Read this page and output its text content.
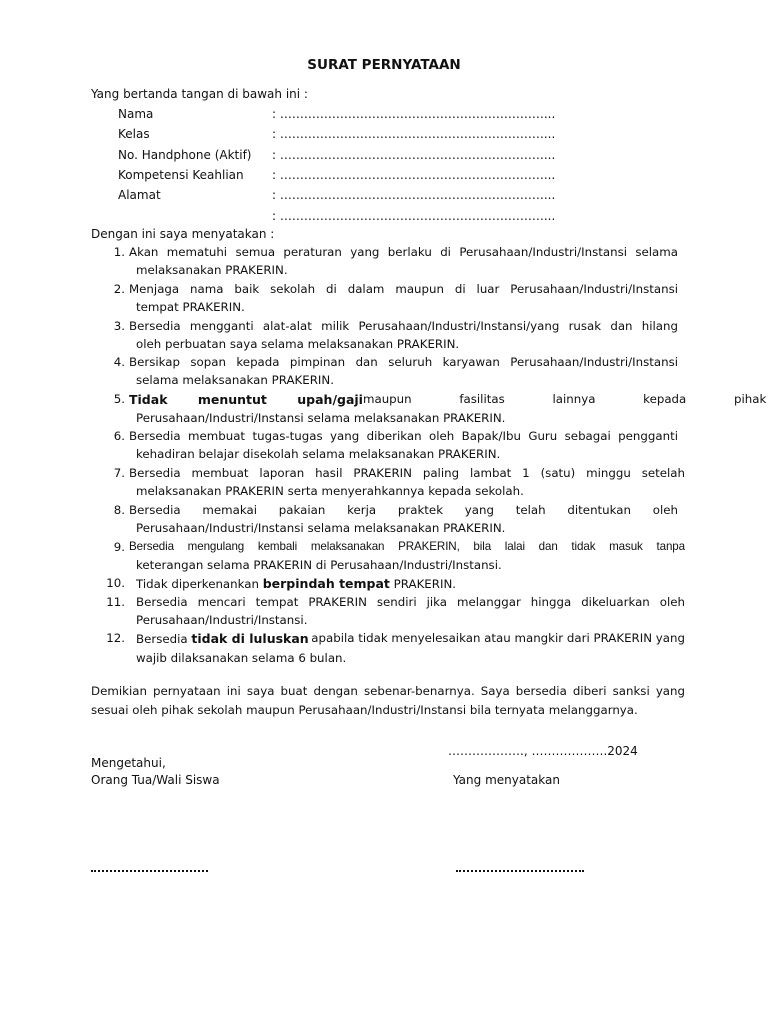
SURAT PERNYATAAN
Yang bertanda tangan di bawah ini :
Nama	: …………………………………………………………...
Kelas	: …………………………………………………………...
No. Handphone (Aktif) : …………………………………………………………...
Kompetensi Keahlian : …………………………………………………………...
Alamat	: …………………………………………………………...
: …………………………………………………………...
Dengan ini saya menyatakan :
1. Akan mematuhi semua peraturan yang berlaku di Perusahaan/Industri/Instansi selama
melaksanakan PRAKERIN.
2. Menjaga nama baik sekolah di dalam maupun di luar Perusahaan/Industri/Instansi
tempat PRAKERIN.
3. Bersedia mengganti alat-alat milik Perusahaan/Industri/Instansi/yang rusak dan hilang
oleh perbuatan saya selama melaksanakan PRAKERIN.
4. Bersikap sopan kepada pimpinan dan seluruh karyawan Perusahaan/Industri/Instansi
selama melaksanakan PRAKERIN.
5. Tidak menuntut upah/gaji maupun fasilitas lainnya kepada pihak
Perusahaan/Industri/Instansi selama melaksanakan PRAKERIN.
6. Bersedia membuat tugas-tugas yang diberikan oleh Bapak/Ibu Guru sebagai pengganti
kehadiran belajar disekolah selama melaksanakan PRAKERIN.
7. Bersedia membuat laporan hasil PRAKERIN paling lambat 1 (satu) minggu setelah
melaksanakan PRAKERIN serta menyerahkannya kepada sekolah.
8. Bersedia memakai pakaian kerja praktek yang telah ditentukan oleh
Perusahaan/Industri/Instansi selama melaksanakan PRAKERIN.
9. Bersedia mengulang kembali melaksanakan PRAKERIN, bila lalai dan tidak masuk tanpa
keterangan selama PRAKERIN di Perusahaan/Industri/Instansi.
10. Tidak diperkenankan berpindah tempat PRAKERIN.
11. Bersedia mencari tempat PRAKERIN sendiri jika melanggar hingga dikeluarkan oleh
Perusahaan/Industri/Instansi.
12. Bersedia tidak di luluskan apabila tidak menyelesaikan atau mangkir dari PRAKERIN yang
wajib dilaksanakan selama 6 bulan.
Demikian pernyataan ini saya buat dengan sebenar-benarnya. Saya bersedia diberi sanksi yang
sesuai oleh pihak sekolah maupun Perusahaan/Industri/Instansi bila ternyata melanggarnya.
………………., ……………….2024
Mengetahui,
Orang Tua/Wali Siswa	Yang menyatakan
